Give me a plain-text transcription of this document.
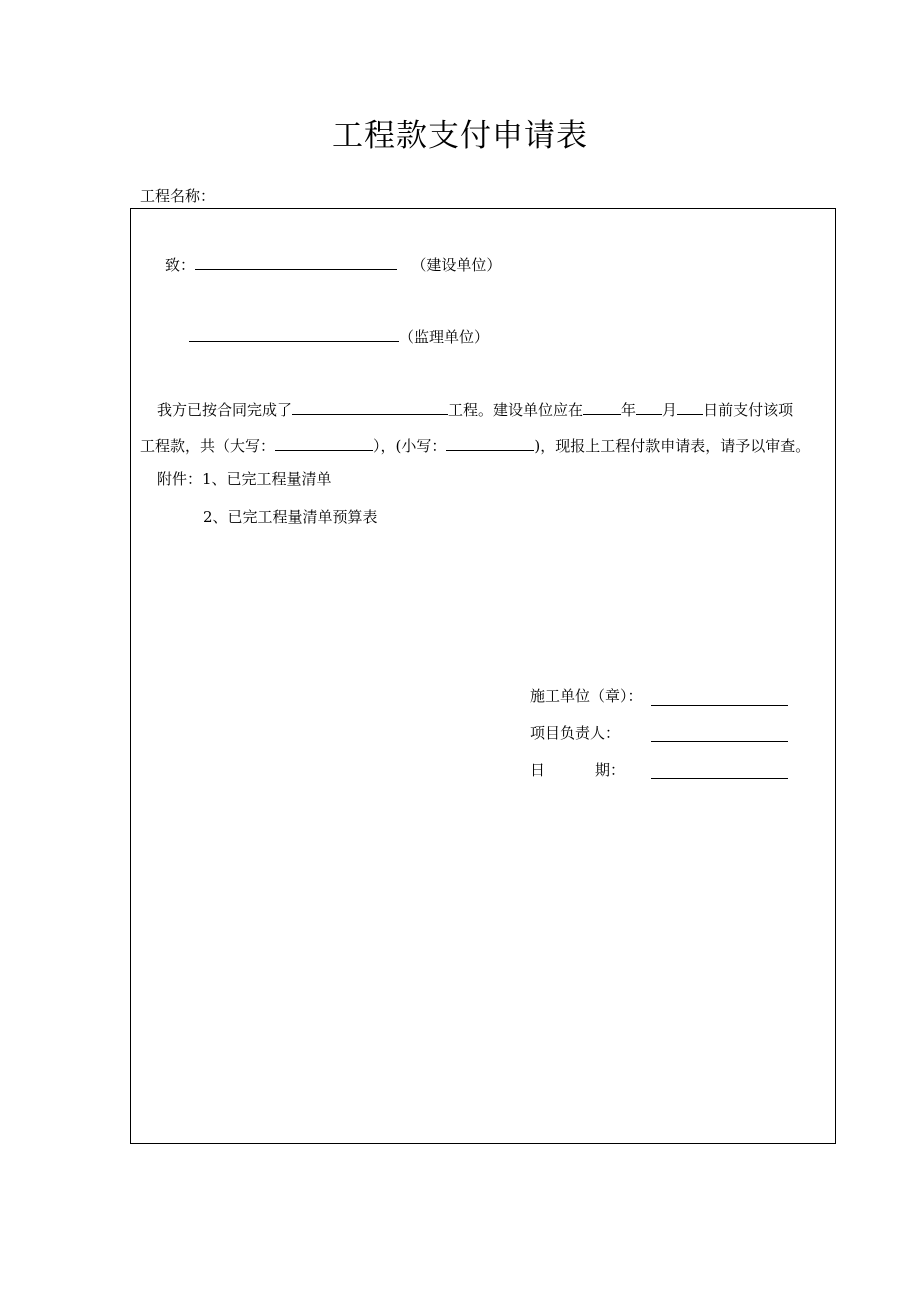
工程款支付申请表
工程名称：
致：	（建设单位）
（监理单位）
我方已按合同完成了	工程。建设单位应在	年 月 日前支付该项
工程款，共（大写：	），(小写：	)，现报上工程付款申请表，请予以审查。
附件：1、已完工程量清单
2、已完工程量清单预算表
施工单位（章）：
项目负责人：
日	期：
